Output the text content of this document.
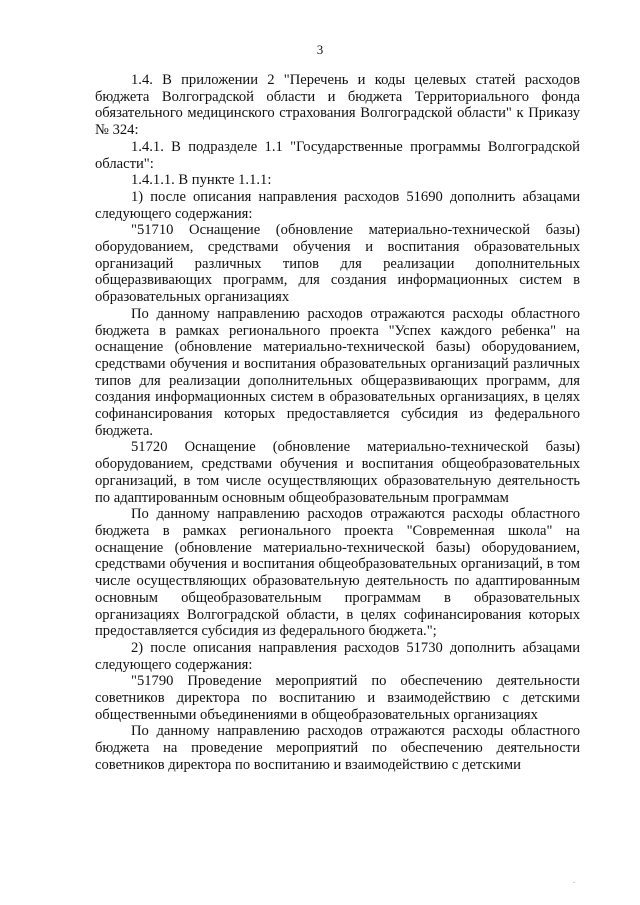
3

1.4. В приложении 2 "Перечень и коды целевых статей расходов бюджета Волгоградской области и бюджета Территориального фонда обязательного медицинского страхования Волгоградской области" к Приказу № 324:

1.4.1. В подразделе 1.1 "Государственные программы Волгоградской области":

1.4.1.1. В пункте 1.1.1:

1) после описания направления расходов 51690 дополнить абзацами следующего содержания:

"51710 Оснащение (обновление материально-технической базы) оборудованием, средствами обучения и воспитания образовательных организаций различных типов для реализации дополнительных общеразвивающих программ, для создания информационных систем в образовательных организациях

По данному направлению расходов отражаются расходы областного бюджета в рамках регионального проекта "Успех каждого ребенка" на оснащение (обновление материально-технической базы) оборудованием, средствами обучения и воспитания образовательных организаций различных типов для реализации дополнительных общеразвивающих программ, для создания информационных систем в образовательных организациях, в целях софинансирования которых предоставляется субсидия из федерального бюджета.

51720 Оснащение (обновление материально-технической базы) оборудованием, средствами обучения и воспитания общеобразовательных организаций, в том числе осуществляющих образовательную деятельность по адаптированным основным общеобразовательным программам

По данному направлению расходов отражаются расходы областного бюджета в рамках регионального проекта "Современная школа" на оснащение (обновление материально-технической базы) оборудованием, средствами обучения и воспитания общеобразовательных организаций, в том числе осуществляющих образовательную деятельность по адаптированным основным общеобразовательным программам в образовательных организациях Волгоградской области, в целях софинансирования которых предоставляется субсидия из федерального бюджета.";

2) после описания направления расходов 51730 дополнить абзацами следующего содержания:

"51790 Проведение мероприятий по обеспечению деятельности советников директора по воспитанию и взаимодействию с детскими общественными объединениями в общеобразовательных организациях

По данному направлению расходов отражаются расходы областного бюджета на проведение мероприятий по обеспечению деятельности советников директора по воспитанию и взаимодействию с детскими

.
